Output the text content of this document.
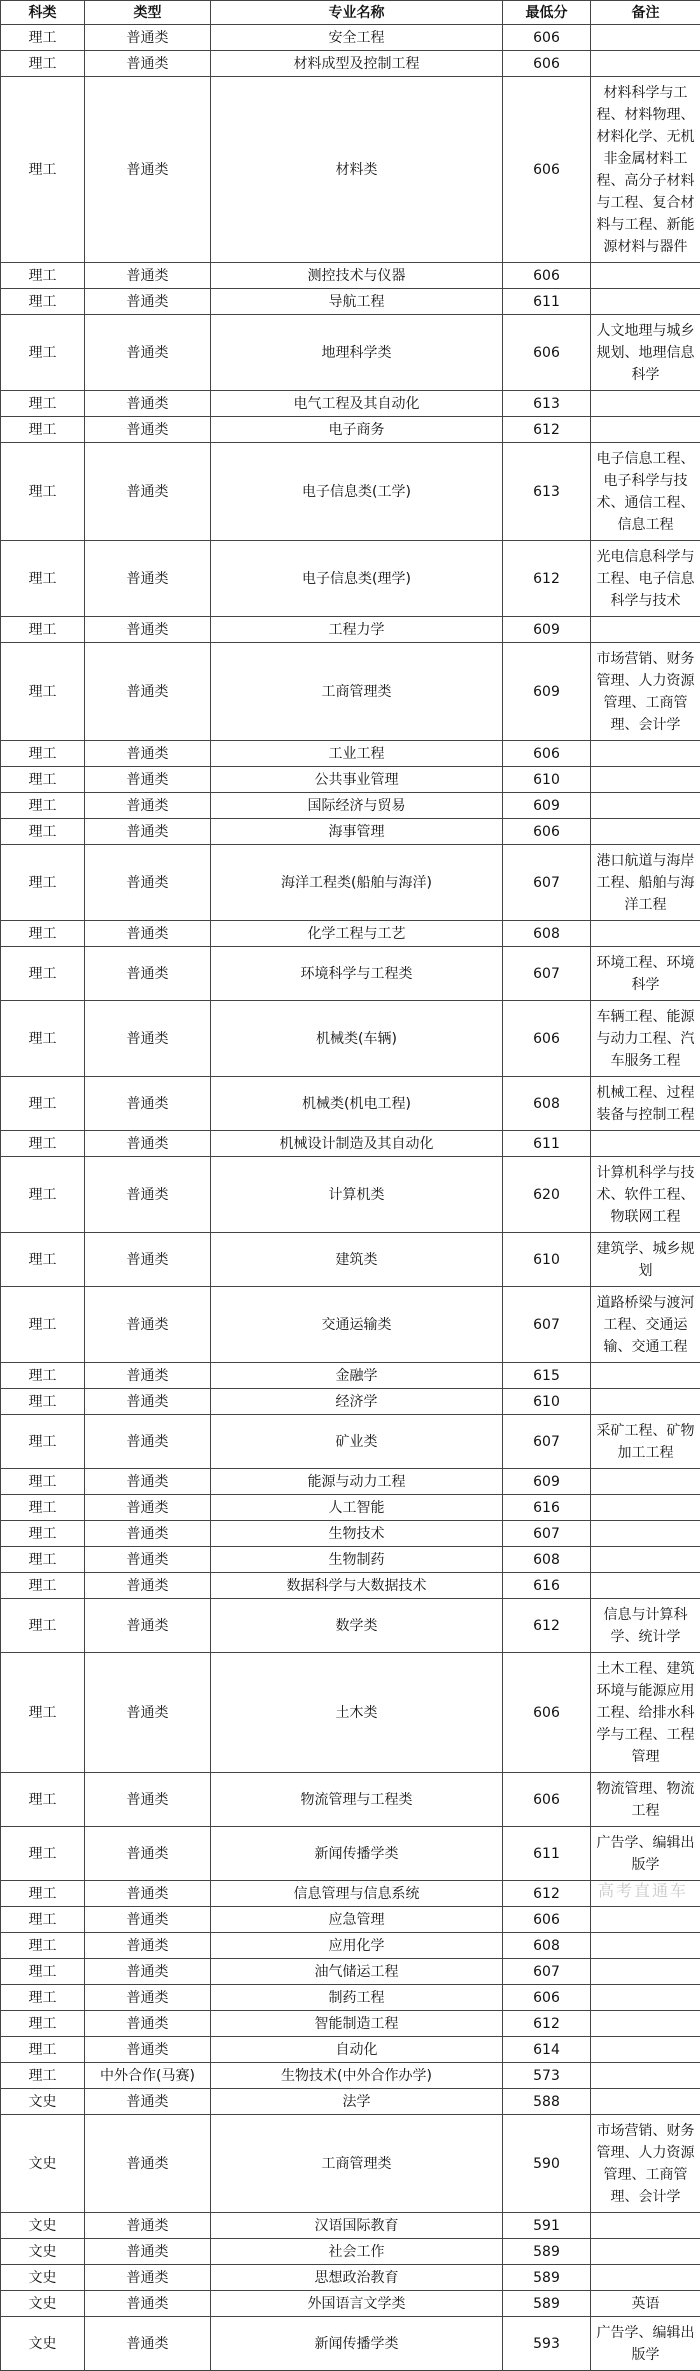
科类	类型	专业名称	最低分	备注
理工	普通类	安全工程	606	
理工	普通类	材料成型及控制工程	606	
理工	普通类	材料类	606	材料科学与工程、材料物理、材料化学、无机非金属材料工程、高分子材料与工程、复合材料与工程、新能源材料与器件
理工	普通类	测控技术与仪器	606	
理工	普通类	导航工程	611	
理工	普通类	地理科学类	606	人文地理与城乡规划、地理信息科学
理工	普通类	电气工程及其自动化	613	
理工	普通类	电子商务	612	
理工	普通类	电子信息类(工学)	613	电子信息工程、电子科学与技术、通信工程、信息工程
理工	普通类	电子信息类(理学)	612	光电信息科学与工程、电子信息科学与技术
理工	普通类	工程力学	609	
理工	普通类	工商管理类	609	市场营销、财务管理、人力资源管理、工商管理、会计学
理工	普通类	工业工程	606	
理工	普通类	公共事业管理	610	
理工	普通类	国际经济与贸易	609	
理工	普通类	海事管理	606	
理工	普通类	海洋工程类(船舶与海洋)	607	港口航道与海岸工程、船舶与海洋工程
理工	普通类	化学工程与工艺	608	
理工	普通类	环境科学与工程类	607	环境工程、环境科学
理工	普通类	机械类(车辆)	606	车辆工程、能源与动力工程、汽车服务工程
理工	普通类	机械类(机电工程)	608	机械工程、过程装备与控制工程
理工	普通类	机械设计制造及其自动化	611	
理工	普通类	计算机类	620	计算机科学与技术、软件工程、物联网工程
理工	普通类	建筑类	610	建筑学、城乡规划
理工	普通类	交通运输类	607	道路桥梁与渡河工程、交通运输、交通工程
理工	普通类	金融学	615	
理工	普通类	经济学	610	
理工	普通类	矿业类	607	采矿工程、矿物加工工程
理工	普通类	能源与动力工程	609	
理工	普通类	人工智能	616	
理工	普通类	生物技术	607	
理工	普通类	生物制药	608	
理工	普通类	数据科学与大数据技术	616	
理工	普通类	数学类	612	信息与计算科学、统计学
理工	普通类	土木类	606	土木工程、建筑环境与能源应用工程、给排水科学与工程、工程管理
理工	普通类	物流管理与工程类	606	物流管理、物流工程
理工	普通类	新闻传播学类	611	广告学、编辑出版学
理工	普通类	信息管理与信息系统	612	
理工	普通类	应急管理	606	
理工	普通类	应用化学	608	
理工	普通类	油气储运工程	607	
理工	普通类	制药工程	606	
理工	普通类	智能制造工程	612	
理工	普通类	自动化	614	
理工	中外合作(马赛)	生物技术(中外合作办学)	573	
文史	普通类	法学	588	
文史	普通类	工商管理类	590	市场营销、财务管理、人力资源管理、工商管理、会计学
文史	普通类	汉语国际教育	591	
文史	普通类	社会工作	589	
文史	普通类	思想政治教育	589	
文史	普通类	外国语言文学类	589	英语
文史	普通类	新闻传播学类	593	广告学、编辑出版学
高考直通车
